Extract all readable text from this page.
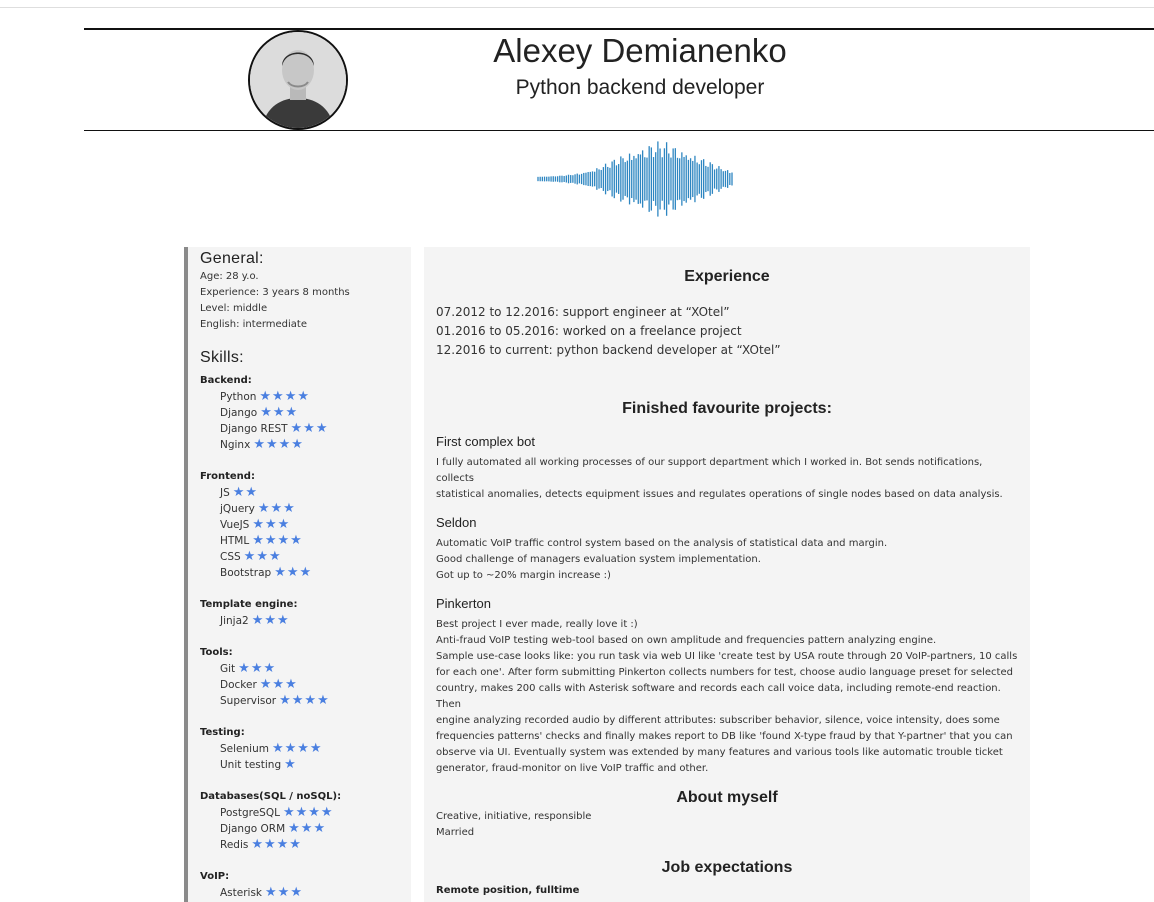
Alexey Demianenko
Python backend developer
General:
Age: 28 y.o.
Experience: 3 years 8 months
Level: middle
English: intermediate
Skills:
Backend:
Python ★★★★
Django ★★★
Django REST ★★★
Nginx ★★★★
Frontend:
JS ★★
jQuery ★★★
VueJS ★★★
HTML ★★★★
CSS ★★★
Bootstrap ★★★
Template engine:
Jinja2 ★★★
Tools:
Git ★★★
Docker ★★★
Supervisor ★★★★
Testing:
Selenium ★★★★
Unit testing ★
Databases(SQL / noSQL):
PostgreSQL ★★★★
Django ORM ★★★
Redis ★★★★
VoIP:
Asterisk ★★★
Experience
07.2012 to 12.2016: support engineer at “XOtel”
01.2016 to 05.2016: worked on a freelance project
12.2016 to current: python backend developer at “XOtel”
Finished favourite projects:
First complex bot
I fully automated all working processes of our support department which I worked in. Bot sends notifications, collects
statistical anomalies, detects equipment issues and regulates operations of single nodes based on data analysis.
Seldon
Automatic VoIP traffic control system based on the analysis of statistical data and margin.
Good challenge of managers evaluation system implementation.
Got up to ~20% margin increase :)
Pinkerton
Best project I ever made, really love it :)
Anti-fraud VoIP testing web-tool based on own amplitude and frequencies pattern analyzing engine.
Sample use-case looks like: you run task via web UI like 'create test by USA route through 20 VoIP-partners, 10 calls
for each one'. After form submitting Pinkerton collects numbers for test, choose audio language preset for selected
country, makes 200 calls with Asterisk software and records each call voice data, including remote-end reaction. Then
engine analyzing recorded audio by different attributes: subscriber behavior, silence, voice intensity, does some
frequencies patterns' checks and finally makes report to DB like 'found X-type fraud by that Y-partner' that you can
observe via UI. Eventually system was extended by many features and various tools like automatic trouble ticket
generator, fraud-monitor on live VoIP traffic and other.
About myself
Creative, initiative, responsible
Married
Job expectations
Remote position, fulltime
